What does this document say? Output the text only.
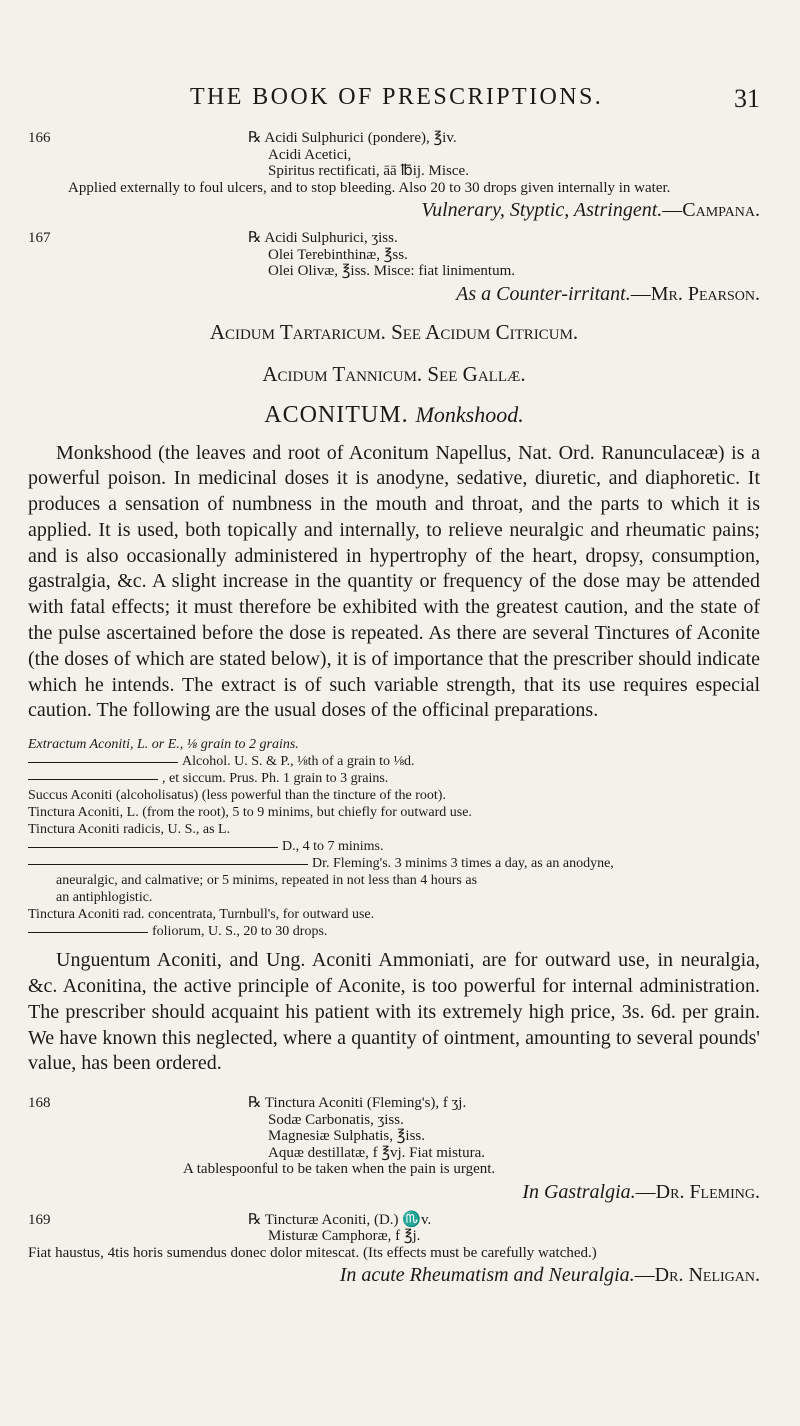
THE BOOK OF PRESCRIPTIONS.	31
166	℞ Acidi Sulphurici (pondere), ℥iv.
Acidi Acetici,
Spiritus rectificati, āā ℔ij. Misce.

Applied externally to foul ulcers, and to stop bleeding. Also 20 to 30 drops given internally in water.

Vulnerary, Styptic, Astringent.—Campana.

167	℞ Acidi Sulphurici, ʒiss.
Olei Terebinthinæ, ℥ss.
Olei Olivæ, ℥iss. Misce: fiat linimentum.

As a Counter-irritant.—Mr. Pearson.

Acidum Tartaricum. See Acidum Citricum.
Acidum Tannicum. See Gallæ.
ACONITUM. Monkshood.

Monkshood (the leaves and root of Aconitum Napellus, Nat. Ord. Ranunculaceæ) is a powerful poison. In medicinal doses it is anodyne, sedative, diuretic, and diaphoretic. It produces a sensation of numbness in the mouth and throat, and the parts to which it is applied. It is used, both topically and internally, to relieve neuralgic and rheumatic pains; and is also occasionally administered in hypertrophy of the heart, dropsy, consumption, gastralgia, &c. A slight increase in the quantity or frequency of the dose may be attended with fatal effects; it must therefore be exhibited with the greatest caution, and the state of the pulse ascertained before the dose is repeated. As there are several Tinctures of Aconite (the doses of which are stated below), it is of importance that the prescriber should indicate which he intends. The extract is of such variable strength, that its use requires especial caution. The following are the usual doses of the officinal preparations.

Extractum Aconiti, L. or E., ⅛ grain to 2 grains.
Alcohol. U. S. & P., ⅛th of a grain to ⅛d.
, et siccum. Prus. Ph. 1 grain to 3 grains.
Succus Aconiti (alcoholisatus) (less powerful than the tincture of the root).
Tinctura Aconiti, L. (from the root), 5 to 9 minims, but chiefly for outward use.
Tinctura Aconiti radicis, U. S., as L.
D., 4 to 7 minims.
Dr. Fleming's. 3 minims 3 times a day, as an anodyne,
aneuralgic, and calmative; or 5 minims, repeated in not less than 4 hours as
an antiphlogistic.
Tinctura Aconiti rad. concentrata, Turnbull's, for outward use.
foliorum, U. S., 20 to 30 drops.

Unguentum Aconiti, and Ung. Aconiti Ammoniati, are for outward use, in neuralgia, &c. Aconitina, the active principle of Aconite, is too powerful for internal administration. The prescriber should acquaint his patient with its extremely high price, 3s. 6d. per grain. We have known this neglected, where a quantity of ointment, amounting to several pounds' value, has been ordered.

168	℞ Tinctura Aconiti (Fleming's), f ʒj.
Sodæ Carbonatis, ʒiss.
Magnesiæ Sulphatis, ℥iss.
Aquæ destillatæ, f ℥vj. Fiat mistura.

A tablespoonful to be taken when the pain is urgent.

In Gastralgia.—Dr. Fleming.

169	℞ Tincturæ Aconiti, (D.) ♏v.
Misturæ Camphoræ, f ℥j.

Fiat haustus, 4tis horis sumendus donec dolor mitescat. (Its effects must be carefully watched.)

In acute Rheumatism and Neuralgia.—Dr. Neligan.
